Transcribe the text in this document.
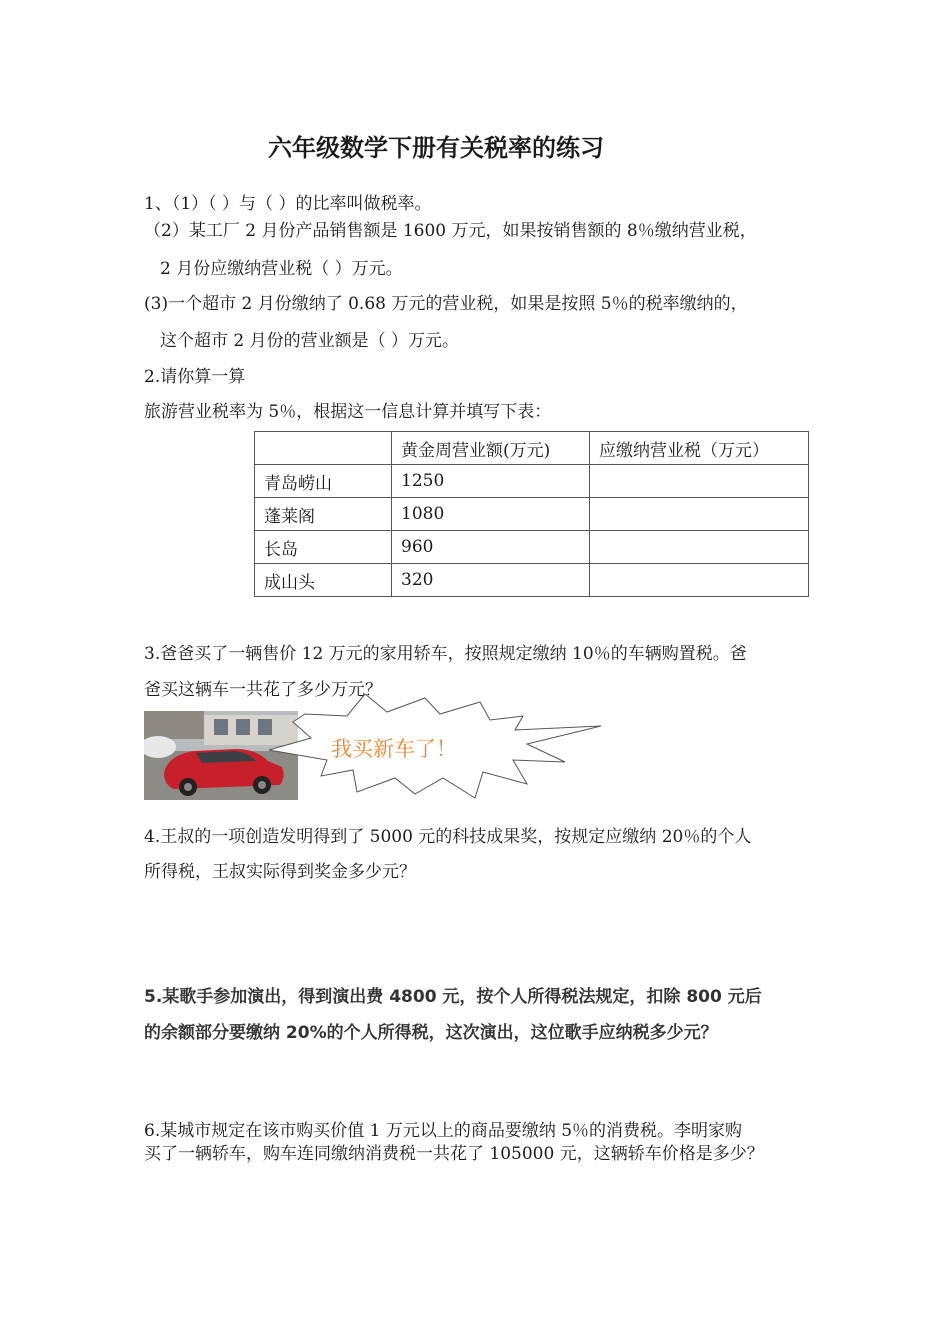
六年级数学下册有关税率的练习
1、（1）（ ）与（ ）的比率叫做税率。
（2）某工厂 2 月份产品销售额是 1600 万元，如果按销售额的 8％缴纳营业税，
2 月份应缴纳营业税（ ）万元。
(3)一个超市 2 月份缴纳了 0.68 万元的营业税，如果是按照 5％的税率缴纳的，
这个超市 2 月份的营业额是（ ）万元。
2.请你算一算
旅游营业税率为 5％，根据这一信息计算并填写下表：
	黄金周营业额(万元)	应缴纳营业税（万元）
青岛崂山	1250	
蓬莱阁	1080	
长岛	960	
成山头	320	
3.爸爸买了一辆售价 12 万元的家用轿车，按照规定缴纳 10％的车辆购置税。爸
爸买这辆车一共花了多少万元？
我买新车了！
4.王叔的一项创造发明得到了 5000 元的科技成果奖，按规定应缴纳 20％的个人
所得税，王叔实际得到奖金多少元？
5.某歌手参加演出，得到演出费 4800 元，按个人所得税法规定，扣除 800 元后
的余额部分要缴纳 20%的个人所得税，这次演出，这位歌手应纳税多少元？
6.某城市规定在该市购买价值 1 万元以上的商品要缴纳 5％的消费税。李明家购
买了一辆轿车，购车连同缴纳消费税一共花了 105000 元，这辆轿车价格是多少？
